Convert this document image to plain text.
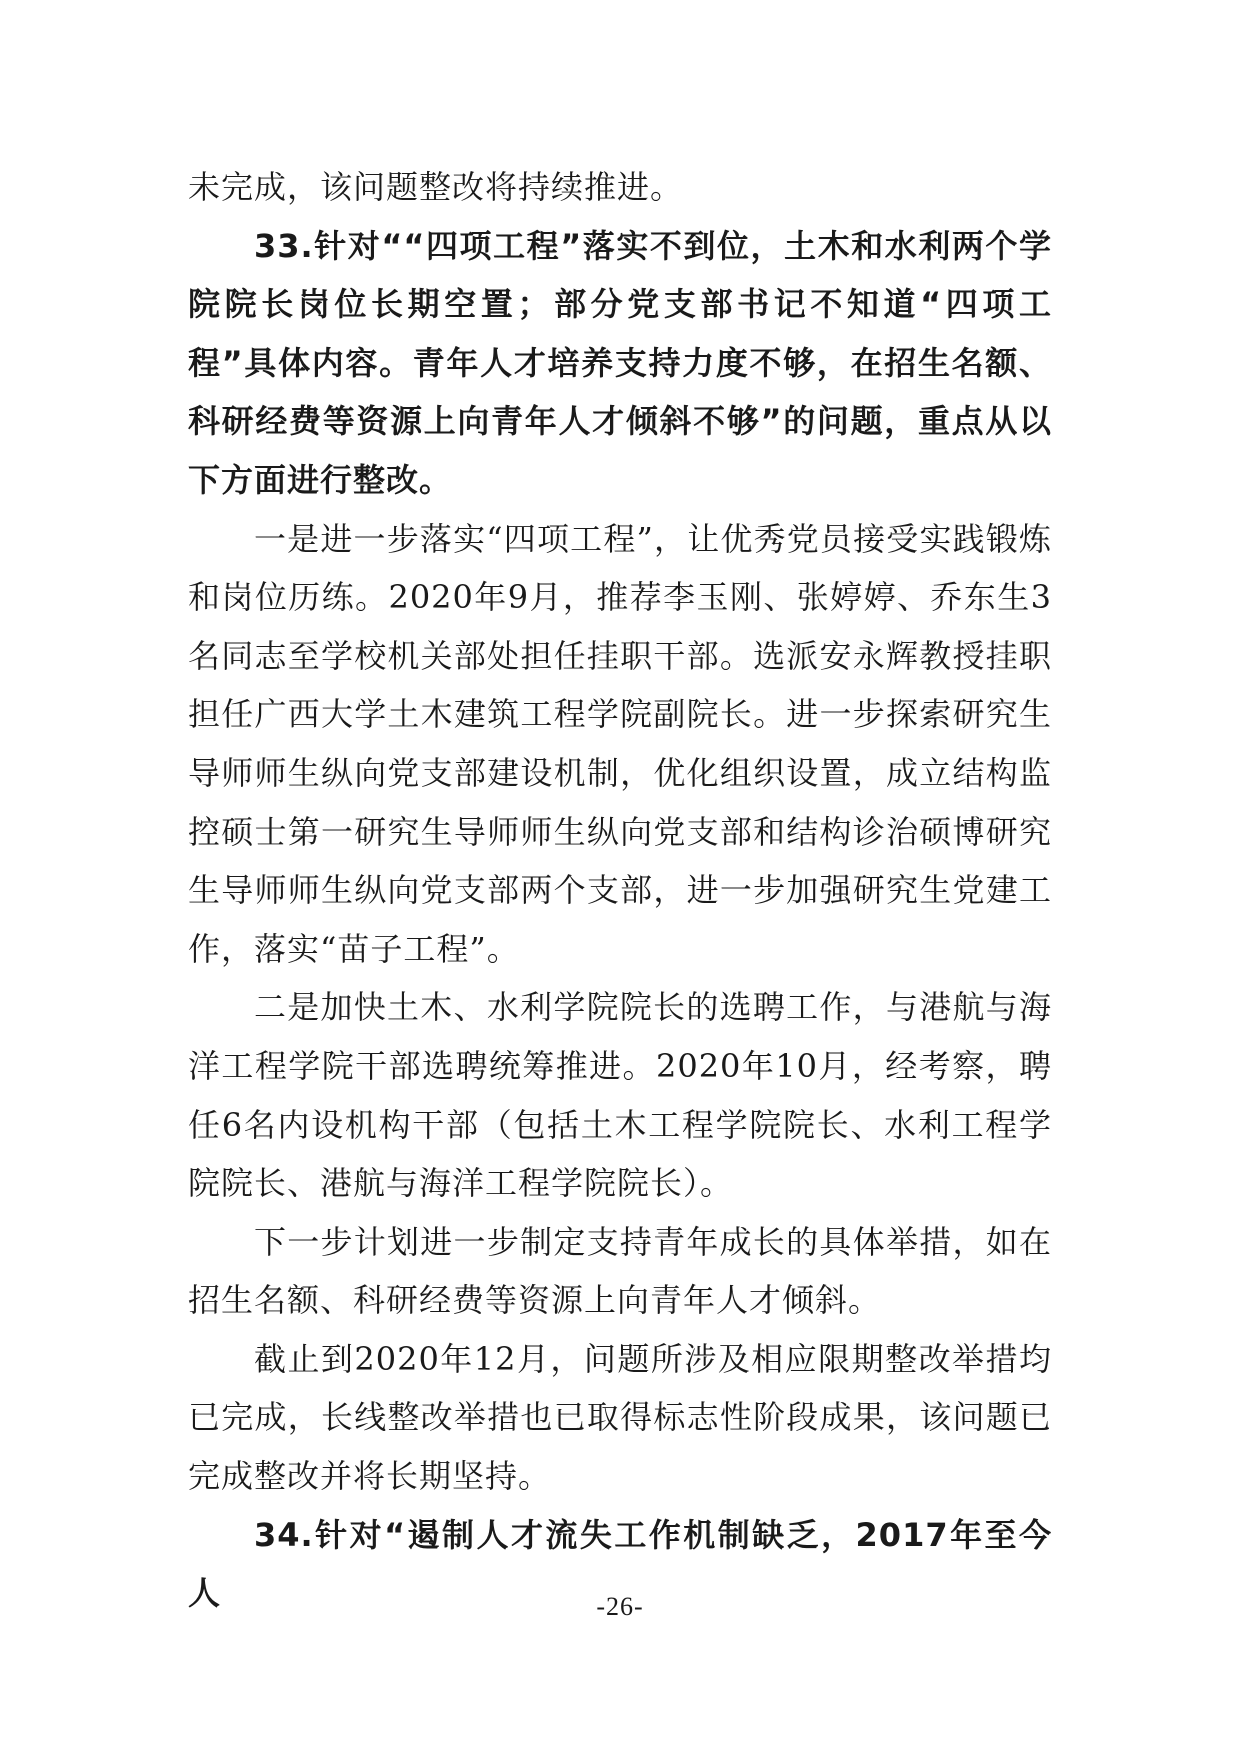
未完成，该问题整改将持续推进。

33.针对““四项工程”落实不到位，土木和水利两个学院院长岗位长期空置；部分党支部书记不知道“四项工程”具体内容。青年人才培养支持力度不够，在招生名额、科研经费等资源上向青年人才倾斜不够”的问题，重点从以下方面进行整改。

一是进一步落实“四项工程”，让优秀党员接受实践锻炼和岗位历练。2020年9月，推荐李玉刚、张婷婷、乔东生3名同志至学校机关部处担任挂职干部。选派安永辉教授挂职担任广西大学土木建筑工程学院副院长。进一步探索研究生导师师生纵向党支部建设机制，优化组织设置，成立结构监控硕士第一研究生导师师生纵向党支部和结构诊治硕博研究生导师师生纵向党支部两个支部，进一步加强研究生党建工作，落实“苗子工程”。

二是加快土木、水利学院院长的选聘工作，与港航与海洋工程学院干部选聘统筹推进。2020年10月，经考察，聘任6名内设机构干部（包括土木工程学院院长、水利工程学院院长、港航与海洋工程学院院长）。

下一步计划进一步制定支持青年成长的具体举措，如在招生名额、科研经费等资源上向青年人才倾斜。

截止到2020年12月，问题所涉及相应限期整改举措均已完成，长线整改举措也已取得标志性阶段成果，该问题已完成整改并将长期坚持。

34.针对“遏制人才流失工作机制缺乏，2017年至今人	-26-
